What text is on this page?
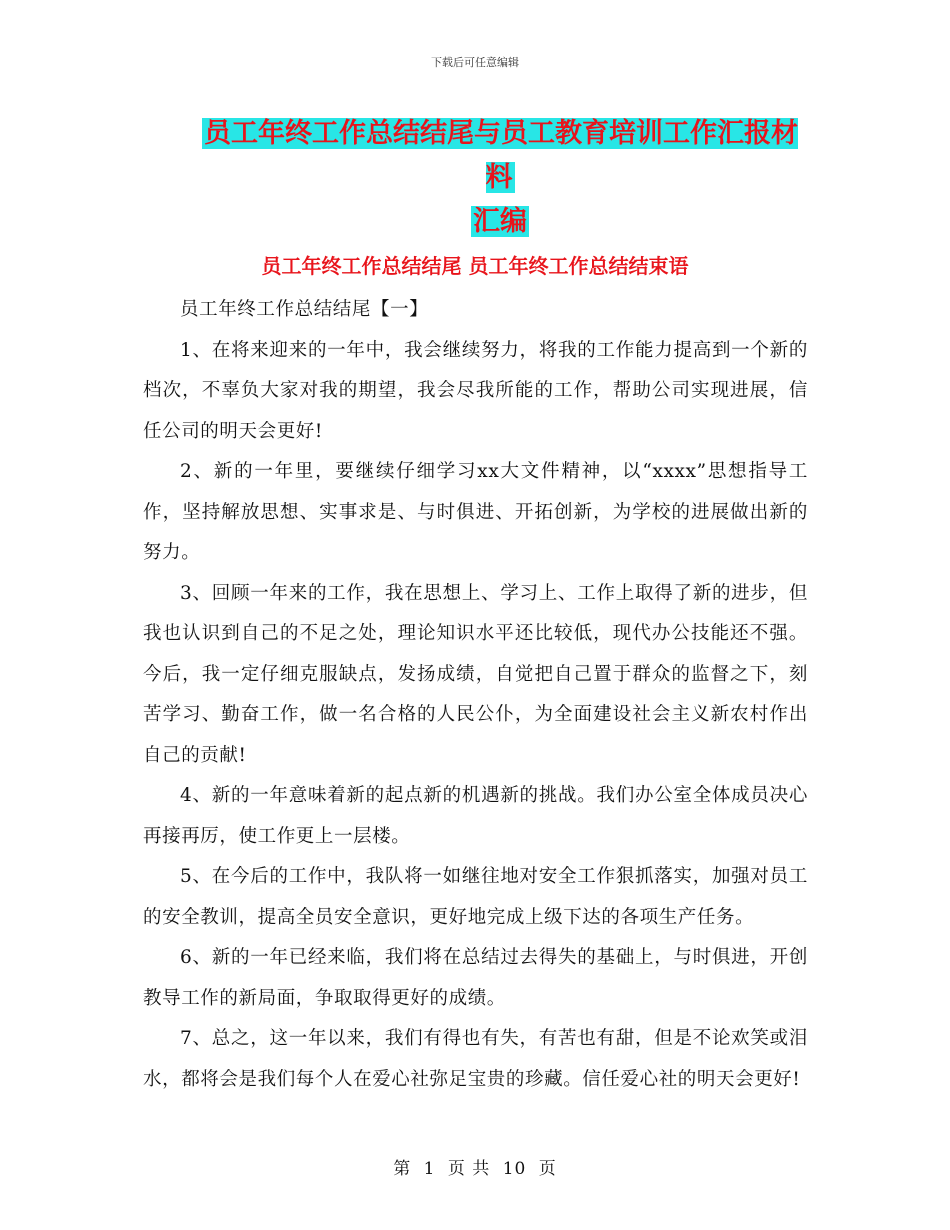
下载后可任意编辑
员工年终工作总结结尾与员工教育培训工作汇报材料
汇编
员工年终工作总结结尾 员工年终工作总结结束语

员工年终工作总结结尾【一】

1、在将来迎来的一年中，我会继续努力，将我的工作能力提高到一个新的档次，不辜负大家对我的期望，我会尽我所能的工作，帮助公司实现进展，信任公司的明天会更好!

2、新的一年里，要继续仔细学习xx大文件精神，以“xxxx”思想指导工作，坚持解放思想、实事求是、与时俱进、开拓创新，为学校的进展做出新的努力。

3、回顾一年来的工作，我在思想上、学习上、工作上取得了新的进步，但我也认识到自己的不足之处，理论知识水平还比较低，现代办公技能还不强。今后，我一定仔细克服缺点，发扬成绩，自觉把自己置于群众的监督之下，刻苦学习、勤奋工作，做一名合格的人民公仆，为全面建设社会主义新农村作出自己的贡献!

4、新的一年意味着新的起点新的机遇新的挑战。我们办公室全体成员决心再接再厉，使工作更上一层楼。

5、在今后的工作中，我队将一如继往地对安全工作狠抓落实，加强对员工的安全教训，提高全员安全意识，更好地完成上级下达的各项生产任务。

6、新的一年已经来临，我们将在总结过去得失的基础上，与时俱进，开创教导工作的新局面，争取取得更好的成绩。

7、总之，这一年以来，我们有得也有失，有苦也有甜，但是不论欢笑或泪水，都将会是我们每个人在爱心社弥足宝贵的珍藏。信任爱心社的明天会更好!

第 1 页 共 10 页
